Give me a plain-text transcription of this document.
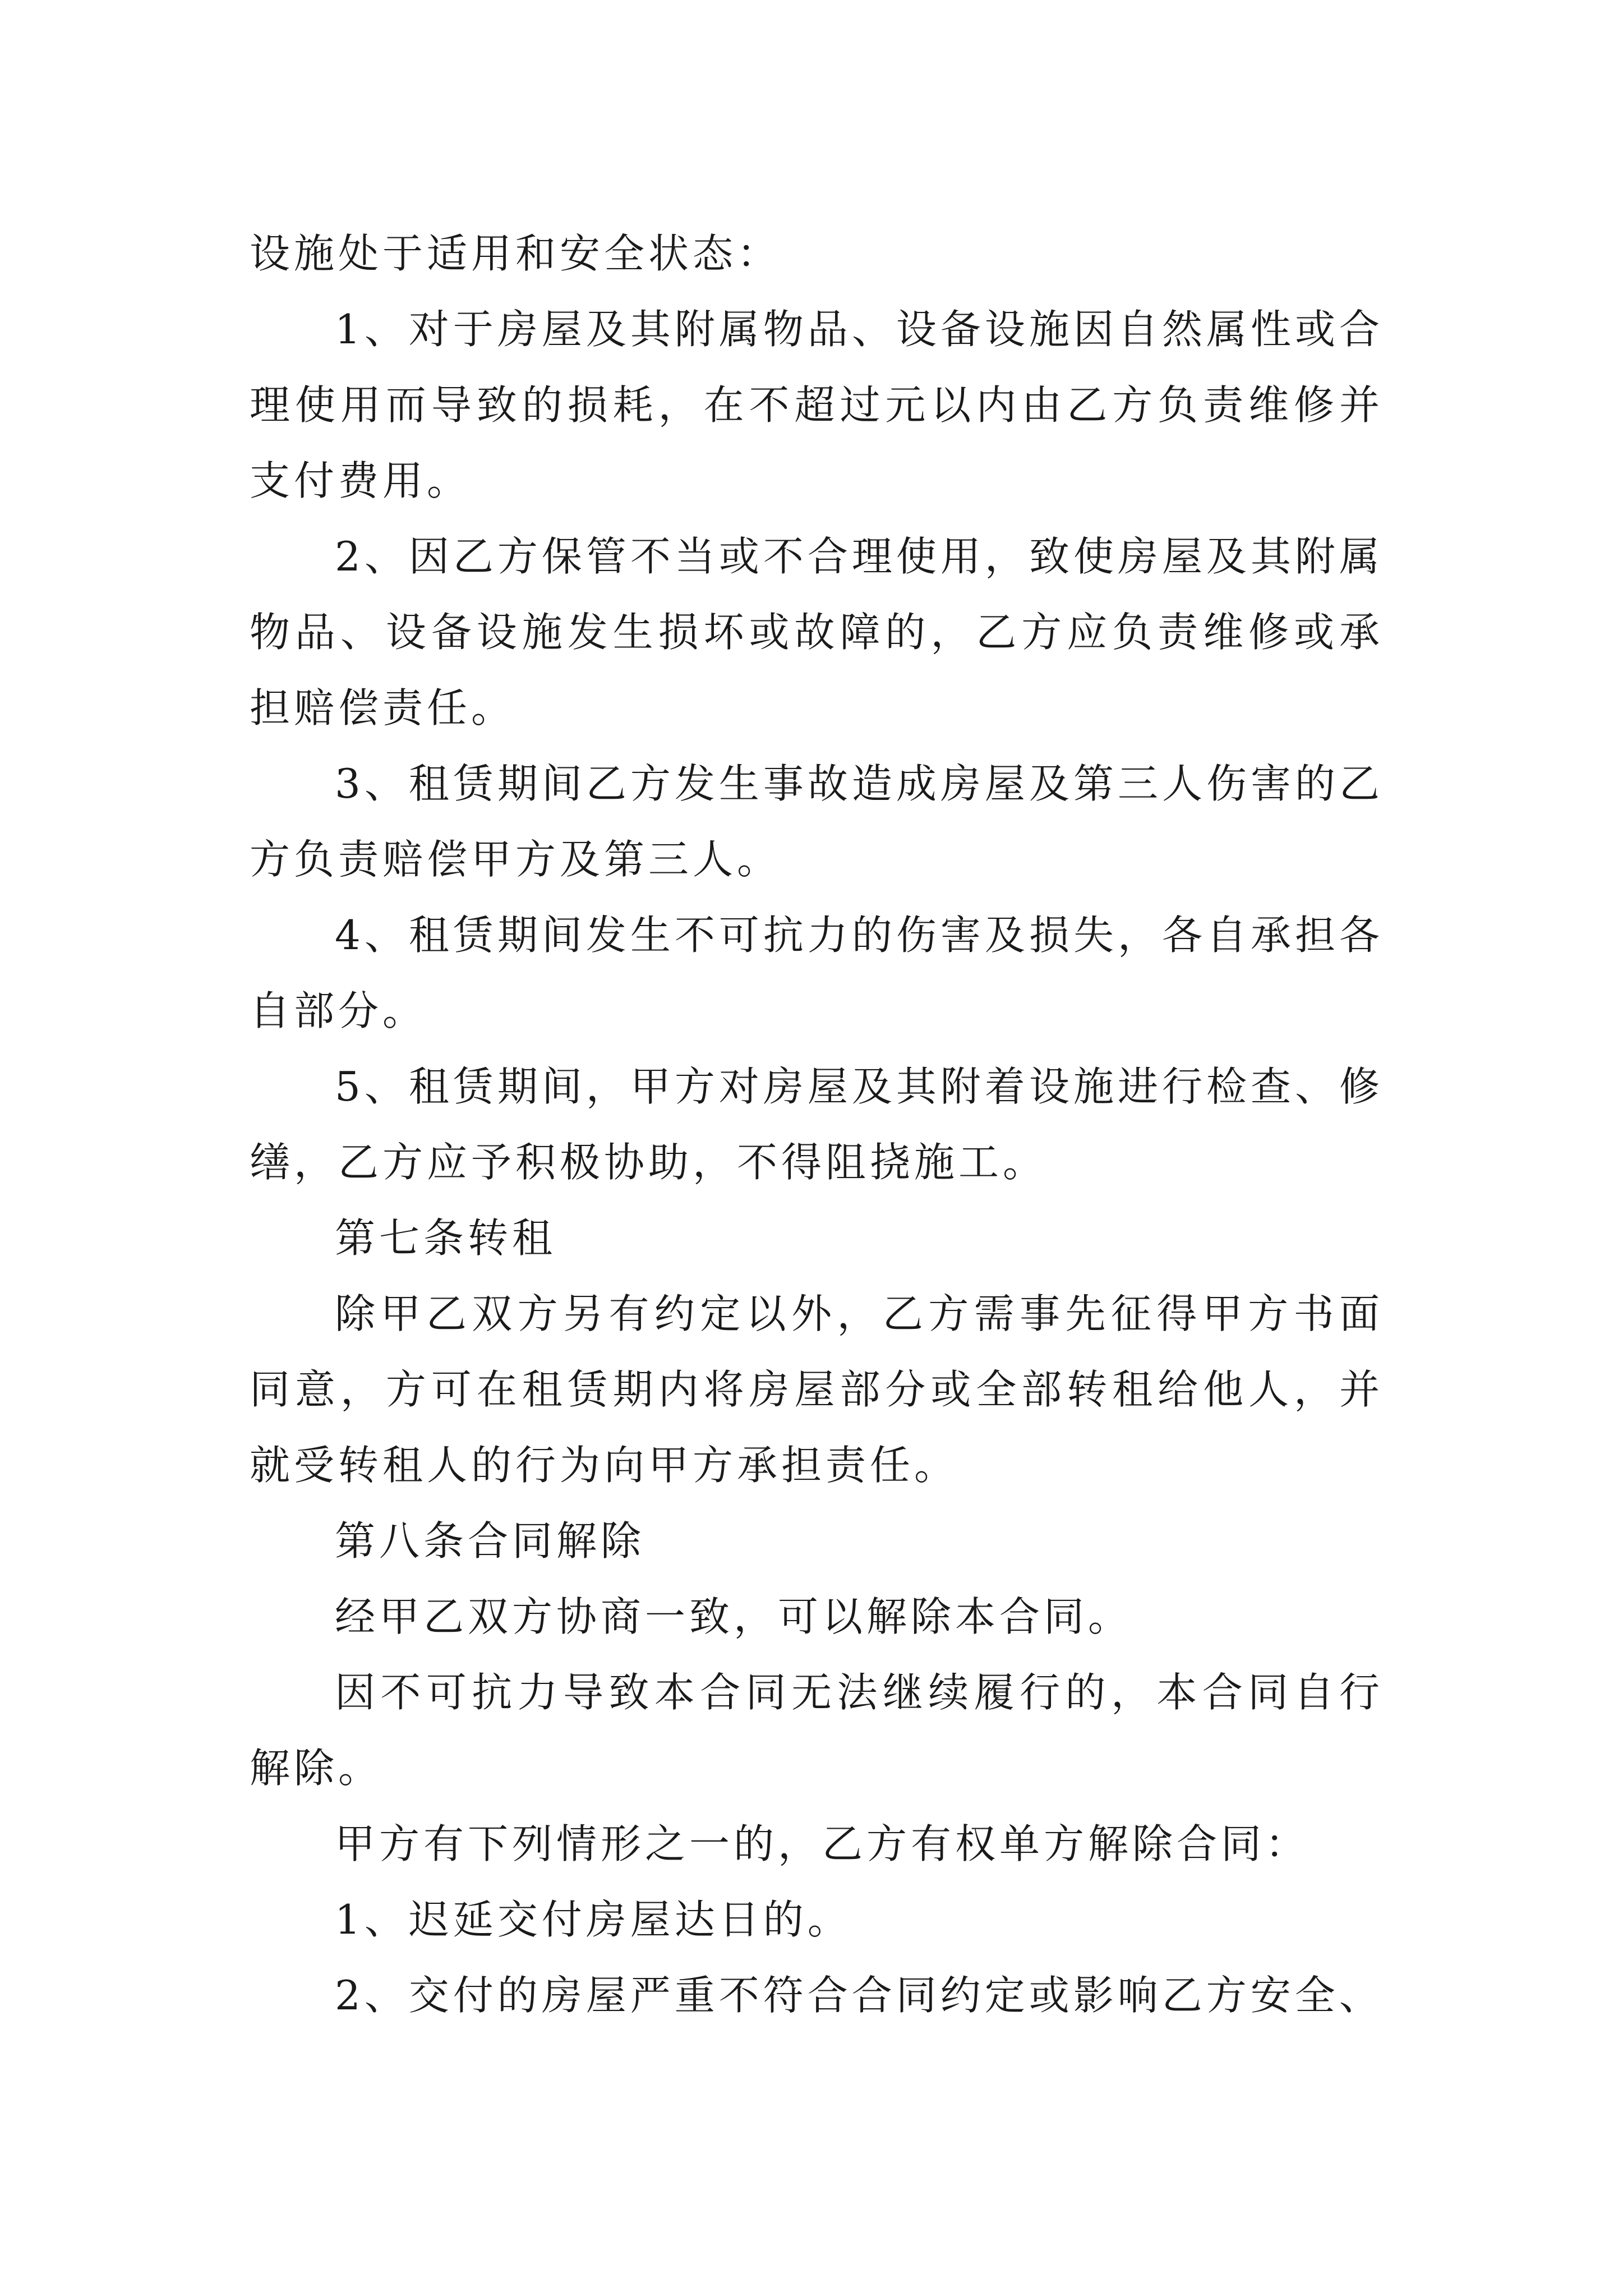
设施处于适用和安全状态：

1、对于房屋及其附属物品、设备设施因自然属性或合理使用而导致的损耗，在不超过元以内由乙方负责维修并支付费用。

2、因乙方保管不当或不合理使用，致使房屋及其附属物品、设备设施发生损坏或故障的，乙方应负责维修或承担赔偿责任。

3、租赁期间乙方发生事故造成房屋及第三人伤害的乙方负责赔偿甲方及第三人。

4、租赁期间发生不可抗力的伤害及损失，各自承担各自部分。

5、租赁期间，甲方对房屋及其附着设施进行检查、修缮，乙方应予积极协助，不得阻挠施工。

第七条转租

除甲乙双方另有约定以外，乙方需事先征得甲方书面同意，方可在租赁期内将房屋部分或全部转租给他人，并就受转租人的行为向甲方承担责任。

第八条合同解除

经甲乙双方协商一致，可以解除本合同。

因不可抗力导致本合同无法继续履行的，本合同自行解除。

甲方有下列情形之一的，乙方有权单方解除合同：

1、迟延交付房屋达日的。

2、交付的房屋严重不符合合同约定或影响乙方安全、
